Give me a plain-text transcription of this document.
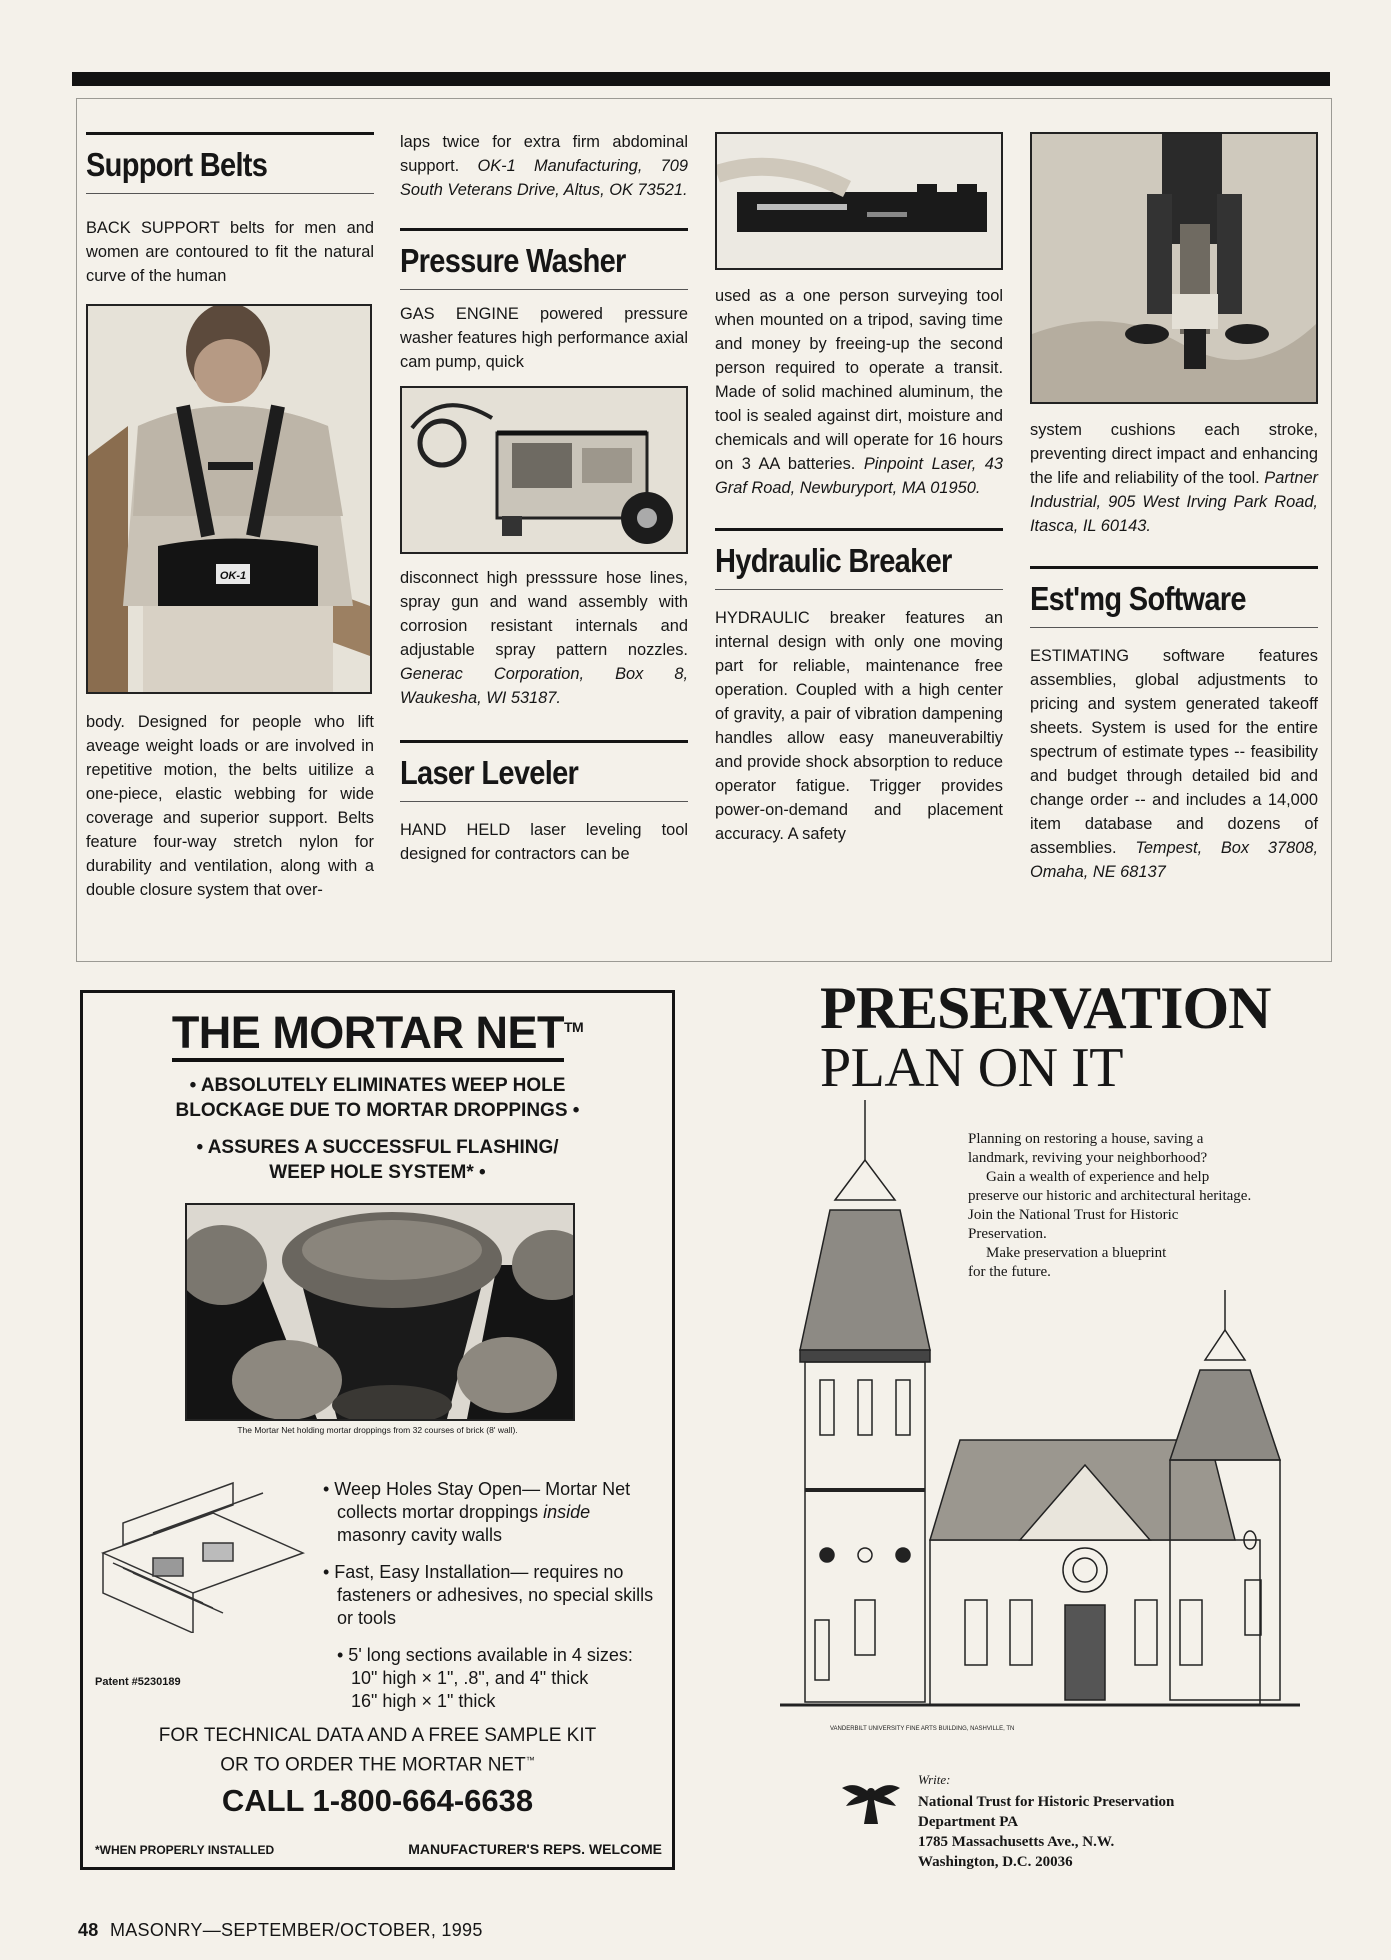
Support Belts

BACK SUPPORT belts for men and women are contoured to fit the natural curve of the human

OK-1

body. Designed for people who lift aveage weight loads or are involved in repetitive motion, the belts uitilize a one-piece, elastic webbing for wide coverage and superior support. Belts feature four-way stretch nylon for durability and ventilation, along with a double closure system that over-

laps twice for extra firm abdominal support. OK-1 Manufacturing, 709 South Veterans Drive, Altus, OK 73521.

Pressure Washer

GAS ENGINE powered pressure washer features high performance axial cam pump, quick

disconnect high presssure hose lines, spray gun and wand assembly with corrosion resistant internals and adjustable spray pattern nozzles. Generac Corporation, Box 8, Waukesha, WI 53187.

Laser Leveler

HAND HELD laser leveling tool designed for contractors can be

used as a one person surveying tool when mounted on a tripod, saving time and money by freeing-up the second person required to operate a transit. Made of solid machined aluminum, the tool is sealed against dirt, moisture and chemicals and will operate for 16 hours on 3 AA batteries. Pinpoint Laser, 43 Graf Road, Newburyport, MA 01950.

Hydraulic Breaker

HYDRAULIC breaker features an internal design with only one moving part for reliable, maintenance free operation. Coupled with a high center of gravity, a pair of vibration dampening handles allow easy maneuverabiltiy and provide shock absorption to reduce operator fatigue. Trigger provides power-on-demand and placement accuracy. A safety

system cushions each stroke, preventing direct impact and enhancing the life and reliability of the tool. Partner Industrial, 905 West Irving Park Road, Itasca, IL 60143.

Est'mg Software

ESTIMATING software features assemblies, global adjustments to pricing and system generated takeoff sheets. System is used for the entire spectrum of estimate types -- feasibility and budget through detailed bid and change order -- and includes a 14,000 item database and dozens of assemblies. Tempest, Box 37808, Omaha, NE 68137

THE MORTAR NET™
• ABSOLUTELY ELIMINATES WEEP HOLE
BLOCKAGE DUE TO MORTAR DROPPINGS •
• ASSURES A SUCCESSFUL FLASHING/
WEEP HOLE SYSTEM* •
The Mortar Net holding mortar droppings from 32 courses of brick (8' wall).
• Weep Holes Stay Open— Mortar Net collects mortar droppings inside masonry cavity walls
• Fast, Easy Installation— requires no fasteners or adhesives, no special skills or tools
• 5' long sections available in 4 sizes:
10" high × 1", .8", and 4" thick
16" high × 1" thick
Patent #5230189
FOR TECHNICAL DATA AND A FREE SAMPLE KIT
OR TO ORDER THE MORTAR NET™
CALL 1-800-664-6638
*WHEN PROPERLY INSTALLED	MANUFACTURER'S REPS. WELCOME
PRESERVATION
PLAN ON IT
Planning on restoring a house, saving a landmark, reviving your neighborhood?
Gain a wealth of experience and help preserve our historic and architectural heritage. Join the National Trust for Historic Preservation.
Make preservation a blueprint for the future.
VANDERBILT UNIVERSITY FINE ARTS BUILDING, NASHVILLE, TN
Write:
National Trust for Historic Preservation
Department PA
1785 Massachusetts Ave., N.W.
Washington, D.C. 20036
48 MASONRY—SEPTEMBER/OCTOBER, 1995
